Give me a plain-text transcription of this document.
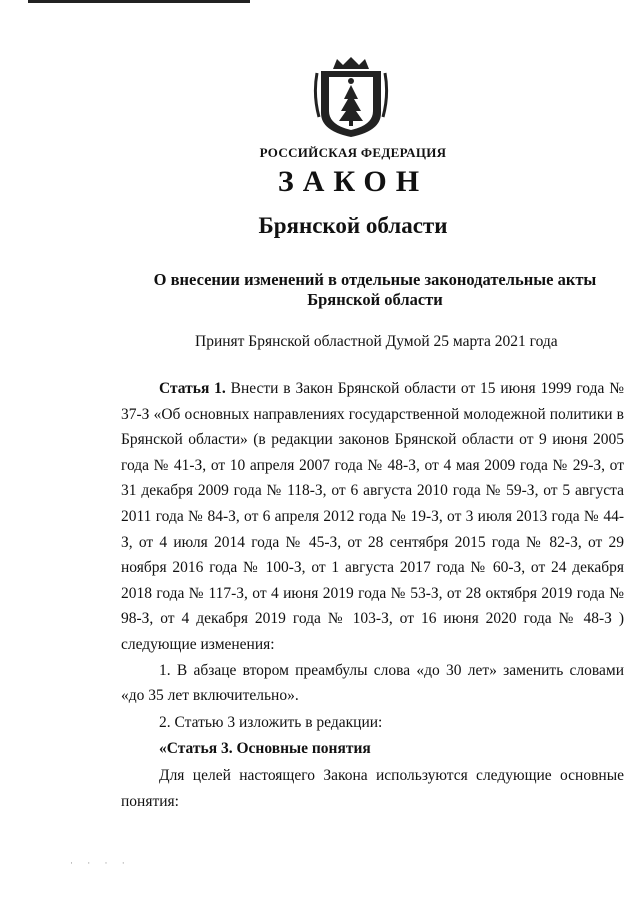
РОССИЙСКАЯ ФЕДЕРАЦИЯ
ЗАКОН
Брянской области
О внесении изменений в отдельные законодательные акты Брянской области
Принят Брянской областной Думой 25 марта 2021 года

Статья 1. Внести в Закон Брянской области от 15 июня 1999 года № 37-З «Об основных направлениях государственной молодежной политики в Брянской области» (в редакции законов Брянской области от 9 июня 2005 года № 41-З, от 10 апреля 2007 года № 48-З, от 4 мая 2009 года № 29-З, от 31 декабря 2009 года № 118-З, от 6 августа 2010 года № 59-З, от 5 августа 2011 года № 84-З, от 6 апреля 2012 года № 19-З, от 3 июля 2013 года № 44-З, от 4 июля 2014 года № 45-З, от 28 сентября 2015 года № 82-З, от 29 ноября 2016 года № 100-З, от 1 августа 2017 года № 60-З, от 24 декабря 2018 года № 117-З, от 4 июня 2019 года № 53-З, от 28 октября 2019 года № 98-З, от 4 декабря 2019 года № 103-З, от 16 июня 2020 года № 48-З ) следующие изменения:

1. В абзаце втором преамбулы слова «до 30 лет» заменить словами «до 35 лет включительно».

2. Статью 3 изложить в редакции:

«Статья 3. Основные понятия

Для целей настоящего Закона используются следующие основные понятия:

· · · ·
